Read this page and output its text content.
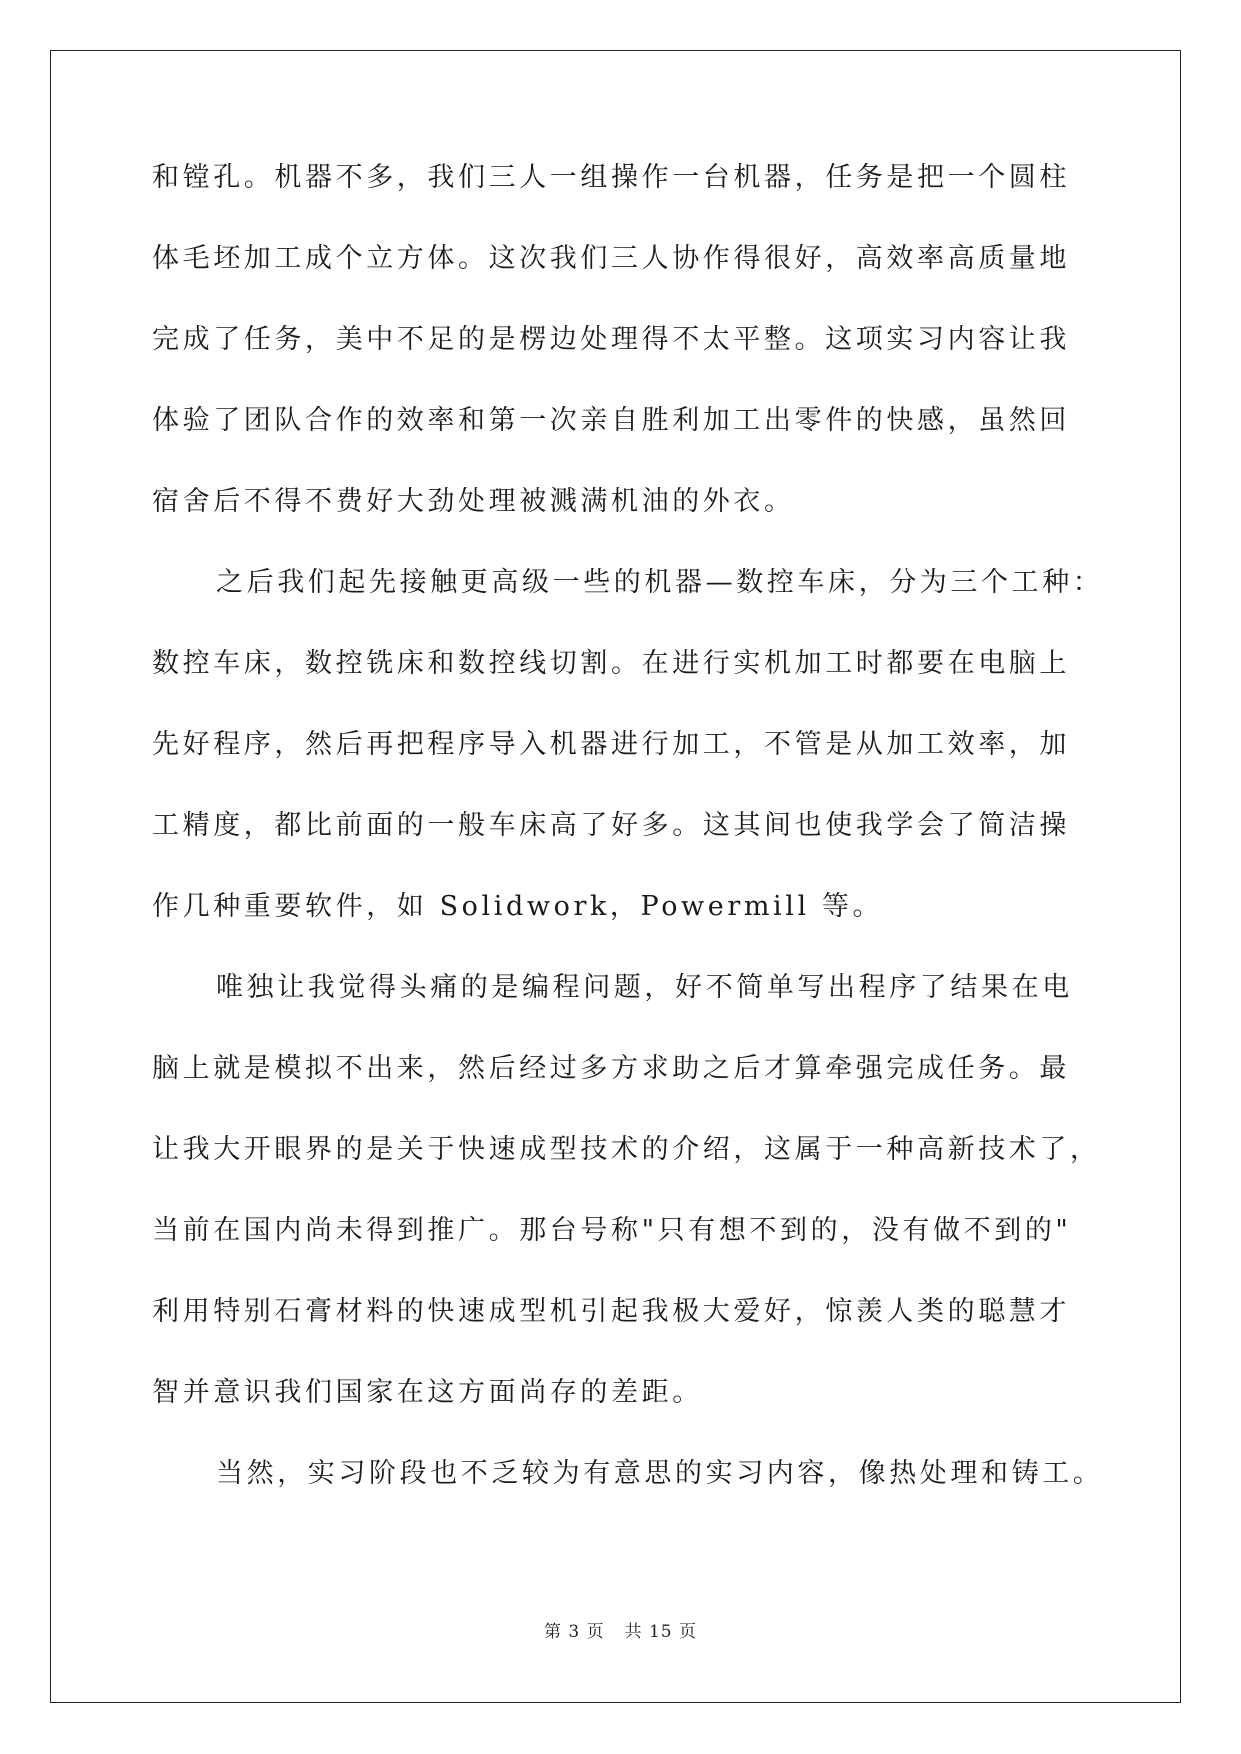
和镗孔。机器不多，我们三人一组操作一台机器，任务是把一个圆柱
体毛坯加工成个立方体。这次我们三人协作得很好，高效率高质量地
完成了任务，美中不足的是楞边处理得不太平整。这项实习内容让我
体验了团队合作的效率和第一次亲自胜利加工出零件的快感，虽然回
宿舍后不得不费好大劲处理被溅满机油的外衣。
之后我们起先接触更高级一些的机器—数控车床，分为三个工种：
数控车床，数控铣床和数控线切割。在进行实机加工时都要在电脑上
先好程序，然后再把程序导入机器进行加工，不管是从加工效率，加
工精度，都比前面的一般车床高了好多。这其间也使我学会了简洁操
作几种重要软件，如 Solidwork，Powermill 等。
唯独让我觉得头痛的是编程问题，好不简单写出程序了结果在电
脑上就是模拟不出来，然后经过多方求助之后才算牵强完成任务。最
让我大开眼界的是关于快速成型技术的介绍，这属于一种高新技术了，
当前在国内尚未得到推广。那台号称"只有想不到的，没有做不到的"
利用特别石膏材料的快速成型机引起我极大爱好，惊羡人类的聪慧才
智并意识我们国家在这方面尚存的差距。
当然，实习阶段也不乏较为有意思的实习内容，像热处理和铸工。
第 3 页 共 15 页
